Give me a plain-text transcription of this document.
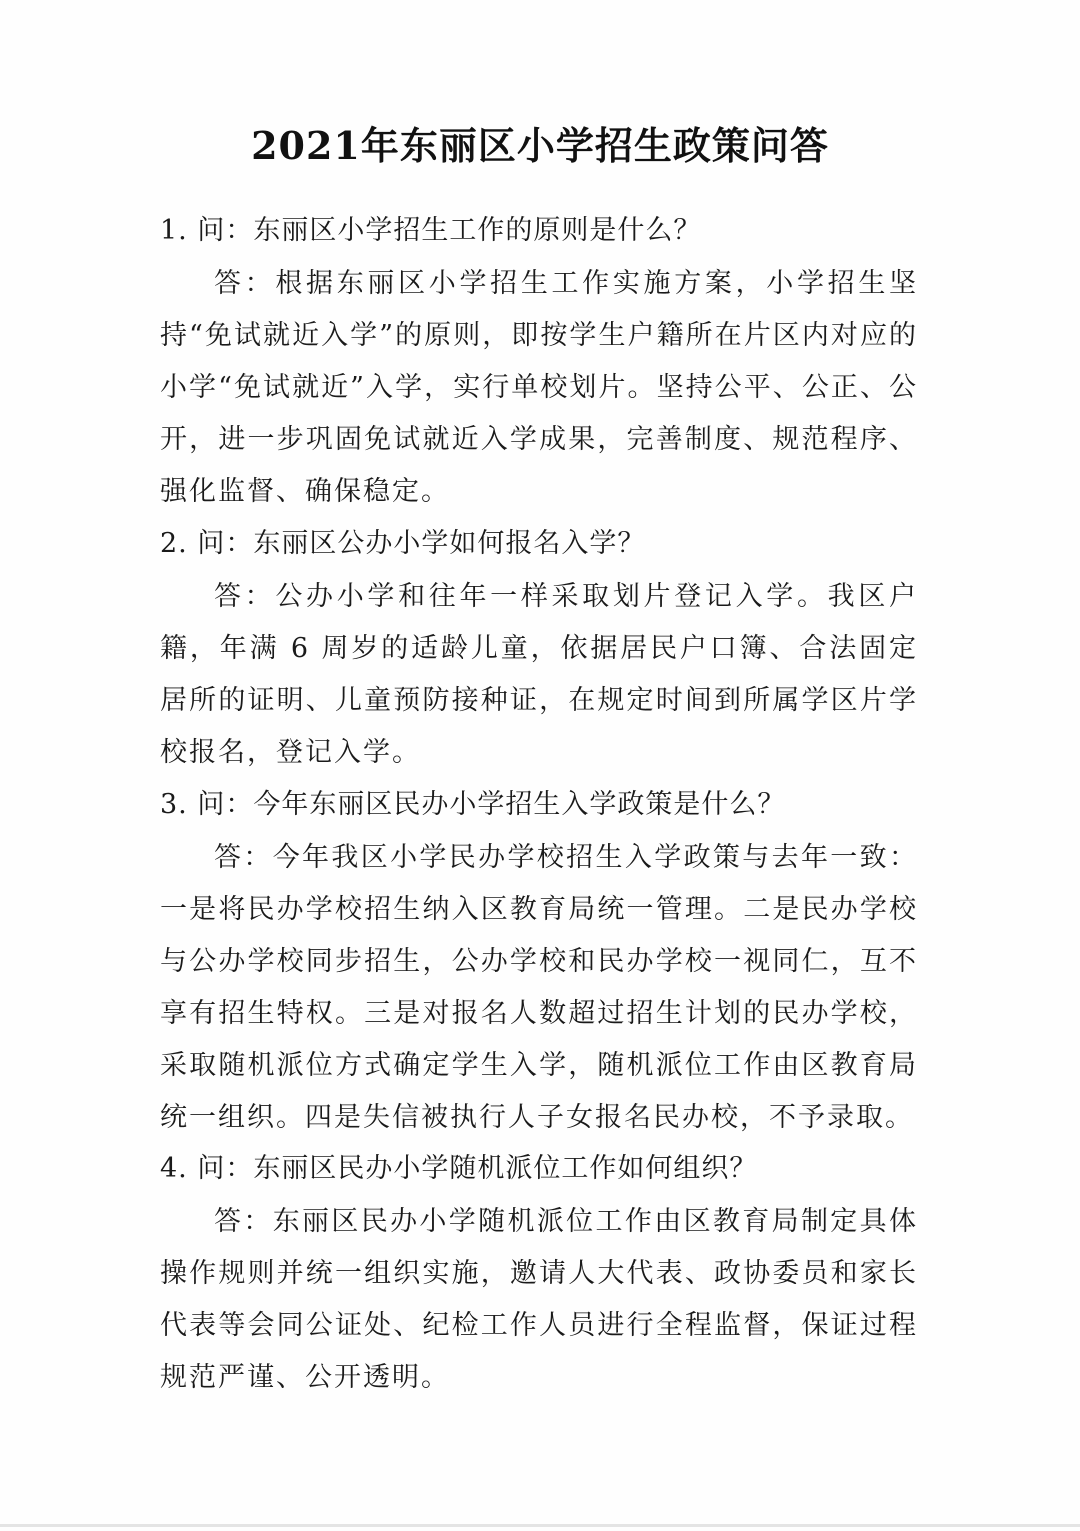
2021年东丽区小学招生政策问答

1. 问：东丽区小学招生工作的原则是什么？

答：根据东丽区小学招生工作实施方案，小学招生坚持“免试就近入学”的原则，即按学生户籍所在片区内对应的小学“免试就近”入学，实行单校划片。坚持公平、公正、公开，进一步巩固免试就近入学成果，完善制度、规范程序、强化监督、确保稳定。

2. 问：东丽区公办小学如何报名入学？

答：公办小学和往年一样采取划片登记入学。我区户籍，年满 6 周岁的适龄儿童，依据居民户口簿、合法固定居所的证明、儿童预防接种证，在规定时间到所属学区片学校报名，登记入学。

3. 问：今年东丽区民办小学招生入学政策是什么？

答：今年我区小学民办学校招生入学政策与去年一致：一是将民办学校招生纳入区教育局统一管理。二是民办学校与公办学校同步招生，公办学校和民办学校一视同仁，互不享有招生特权。三是对报名人数超过招生计划的民办学校，采取随机派位方式确定学生入学，随机派位工作由区教育局统一组织。四是失信被执行人子女报名民办校，不予录取。

4. 问：东丽区民办小学随机派位工作如何组织？

答：东丽区民办小学随机派位工作由区教育局制定具体操作规则并统一组织实施，邀请人大代表、政协委员和家长代表等会同公证处、纪检工作人员进行全程监督，保证过程规范严谨、公开透明。
